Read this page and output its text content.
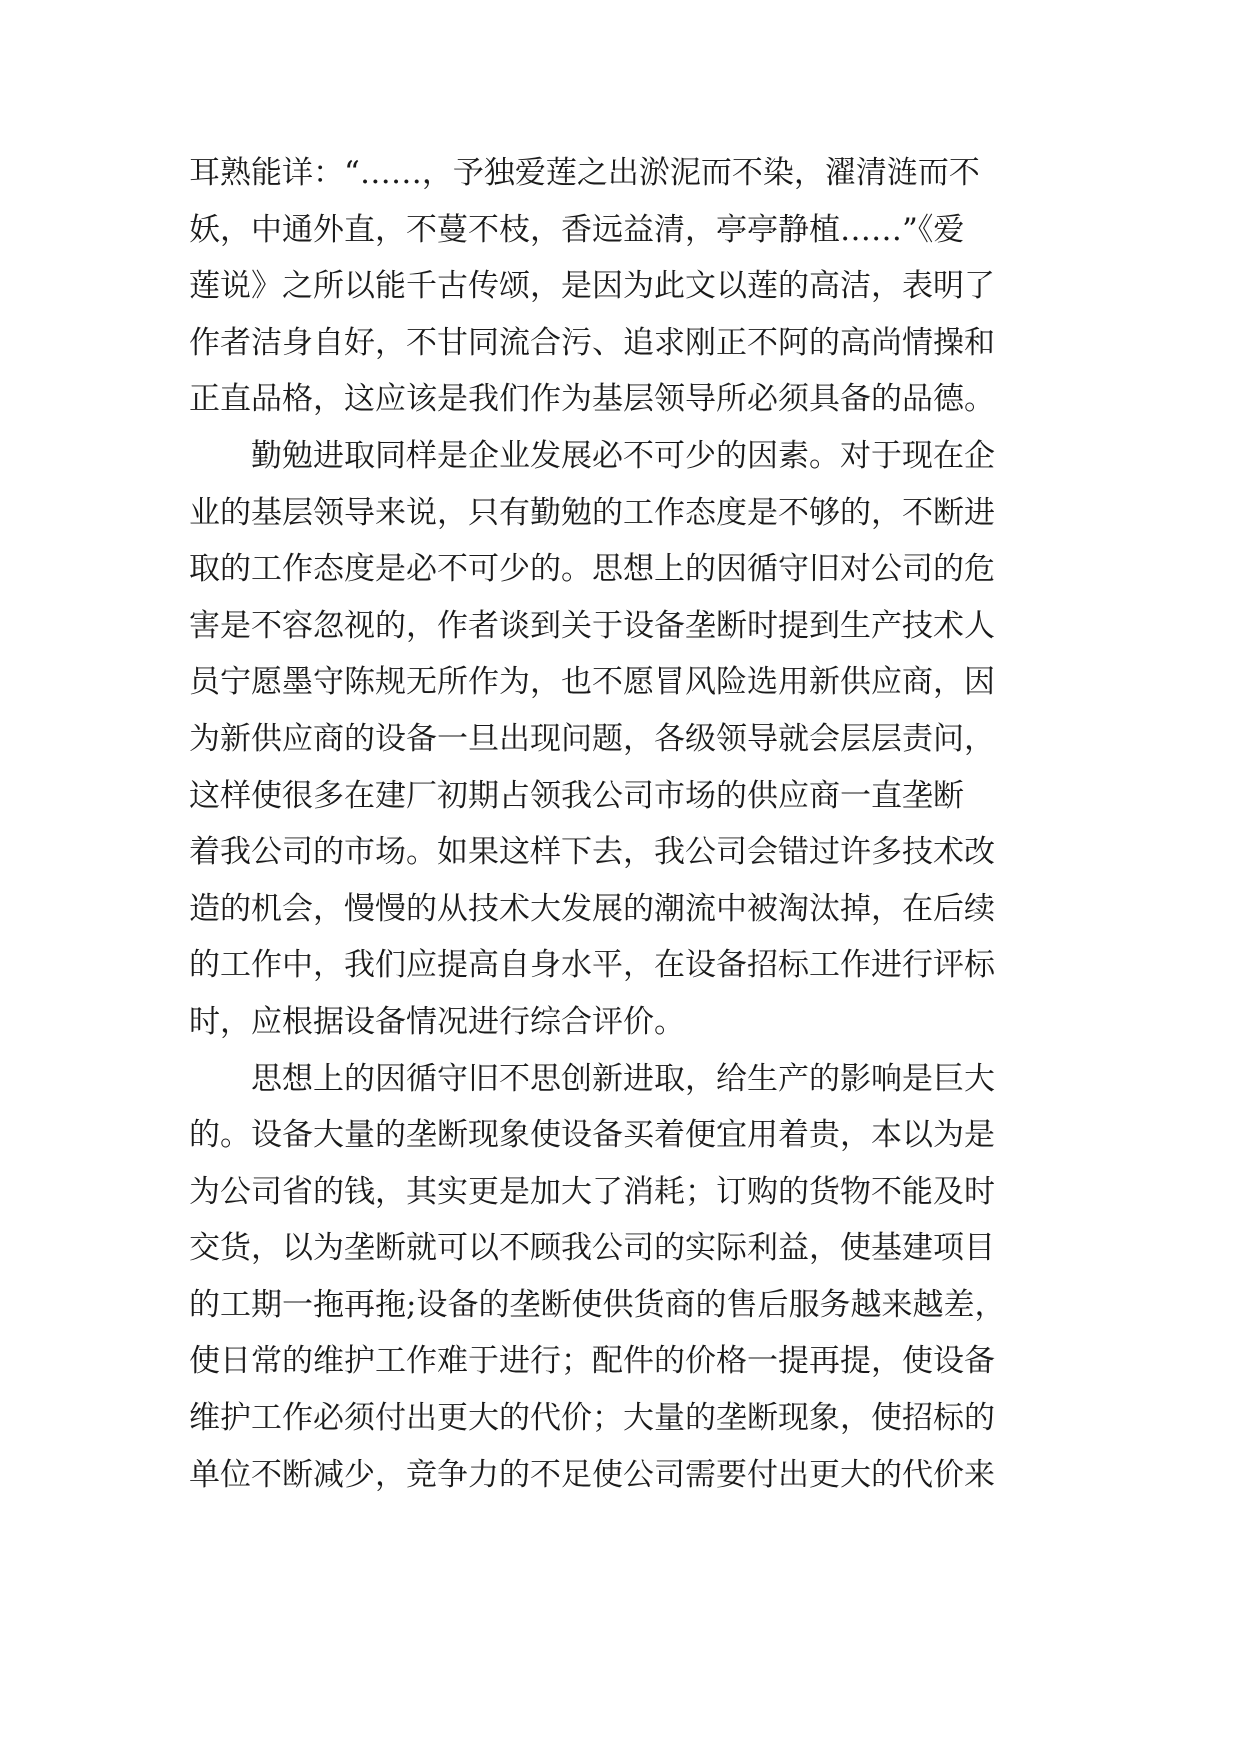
耳熟能详：“……，予独爱莲之出淤泥而不染，濯清涟而不
妖，中通外直，不蔓不枝，香远益清，亭亭静植……”《爱
莲说》之所以能千古传颂，是因为此文以莲的高洁，表明了
作者洁身自好，不甘同流合污、追求刚正不阿的高尚情操和
正直品格，这应该是我们作为基层领导所必须具备的品德。
　　勤勉进取同样是企业发展必不可少的因素。对于现在企
业的基层领导来说，只有勤勉的工作态度是不够的，不断进
取的工作态度是必不可少的。思想上的因循守旧对公司的危
害是不容忽视的，作者谈到关于设备垄断时提到生产技术人
员宁愿墨守陈规无所作为，也不愿冒风险选用新供应商，因
为新供应商的设备一旦出现问题，各级领导就会层层责问，
这样使很多在建厂初期占领我公司市场的供应商一直垄断
着我公司的市场。如果这样下去，我公司会错过许多技术改
造的机会，慢慢的从技术大发展的潮流中被淘汰掉，在后续
的工作中，我们应提高自身水平，在设备招标工作进行评标
时，应根据设备情况进行综合评价。
　　思想上的因循守旧不思创新进取，给生产的影响是巨大
的。设备大量的垄断现象使设备买着便宜用着贵，本以为是
为公司省的钱，其实更是加大了消耗；订购的货物不能及时
交货，以为垄断就可以不顾我公司的实际利益，使基建项目
的工期一拖再拖;设备的垄断使供货商的售后服务越来越差，
使日常的维护工作难于进行；配件的价格一提再提，使设备
维护工作必须付出更大的代价；大量的垄断现象，使招标的
单位不断减少，竞争力的不足使公司需要付出更大的代价来
